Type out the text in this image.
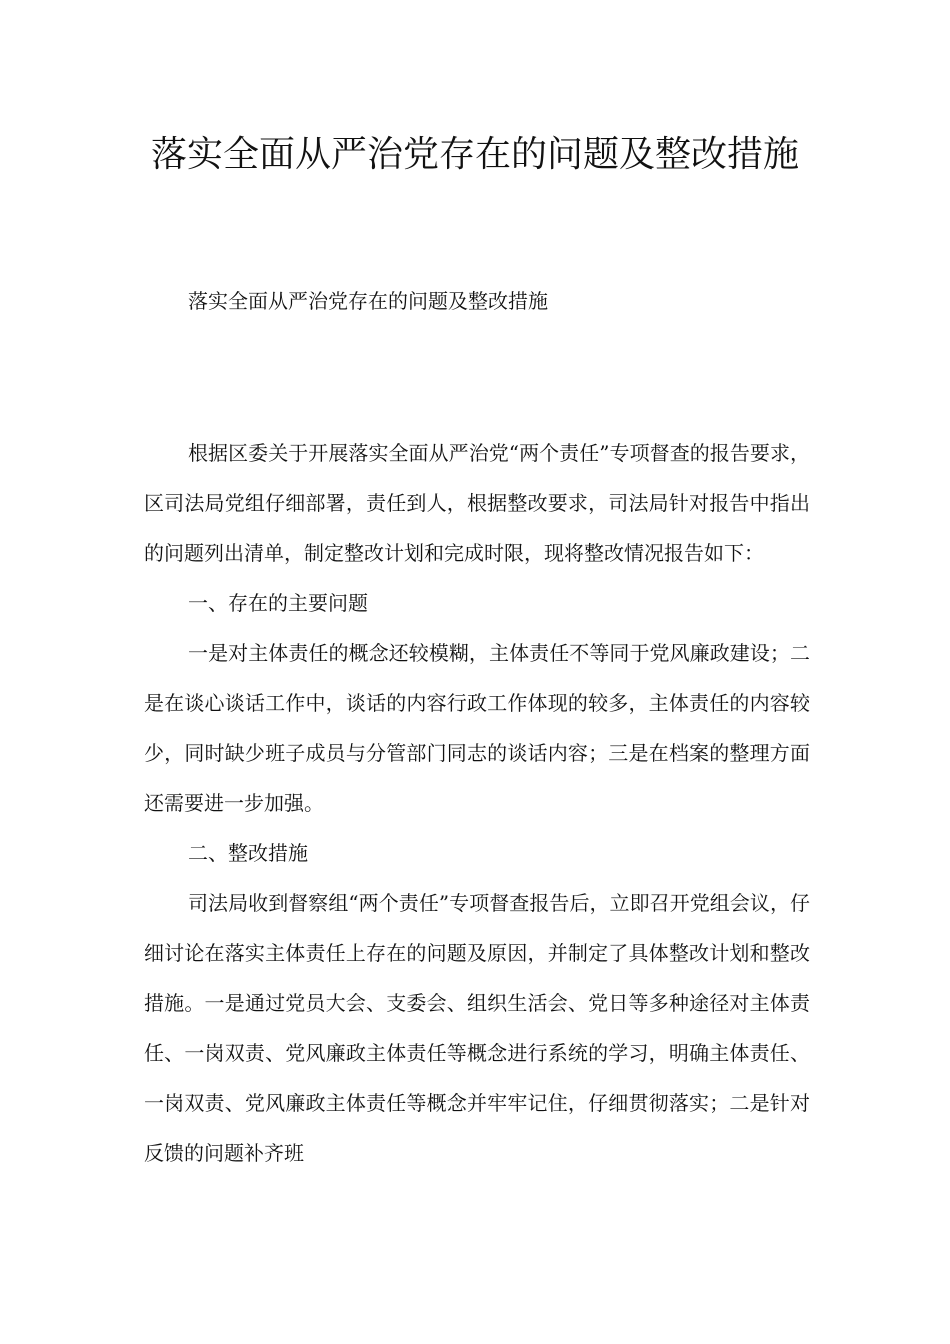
落实全面从严治党存在的问题及整改措施

落实全面从严治党存在的问题及整改措施

根据区委关于开展落实全面从严治党“两个责任”专项督查的报告要求，区司法局党组仔细部署，责任到人，根据整改要求，司法局针对报告中指出的问题列出清单，制定整改计划和完成时限，现将整改情况报告如下：

一、存在的主要问题

一是对主体责任的概念还较模糊，主体责任不等同于党风廉政建设；二是在谈心谈话工作中，谈话的内容行政工作体现的较多，主体责任的内容较少，同时缺少班子成员与分管部门同志的谈话内容；三是在档案的整理方面还需要进一步加强。

二、整改措施

司法局收到督察组“两个责任”专项督查报告后，立即召开党组会议，仔细讨论在落实主体责任上存在的问题及原因，并制定了具体整改计划和整改措施。一是通过党员大会、支委会、组织生活会、党日等多种途径对主体责任、一岗双责、党风廉政主体责任等概念进行系统的学习，明确主体责任、一岗双责、党风廉政主体责任等概念并牢牢记住，仔细贯彻落实；二是针对反馈的问题补齐班
